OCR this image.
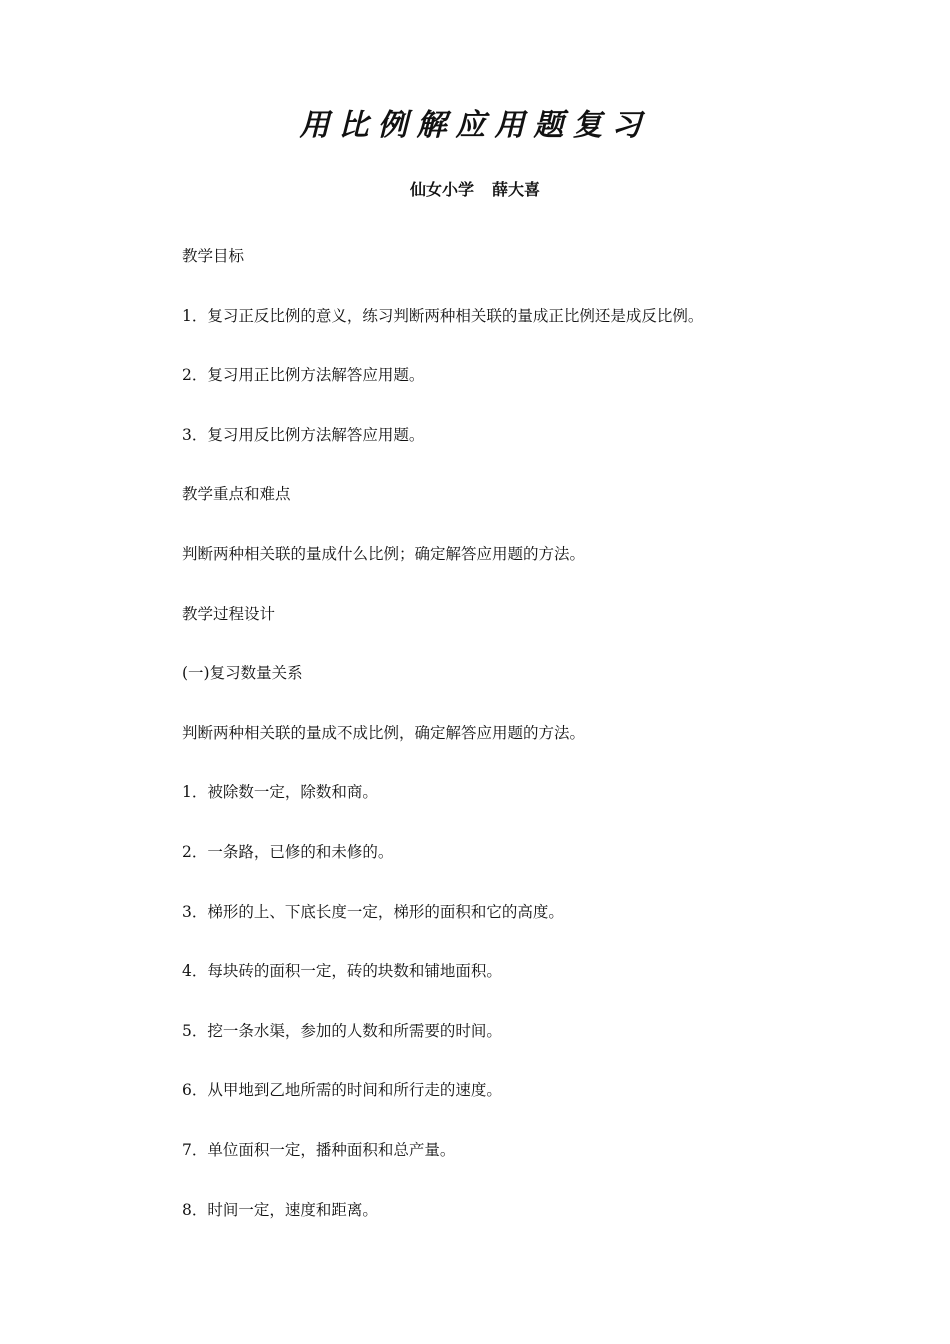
用比例解应用题复习
仙女小学 薛大喜
教学目标
1．复习正反比例的意义，练习判断两种相关联的量成正比例还是成反比例。
2．复习用正比例方法解答应用题。
3．复习用反比例方法解答应用题。
教学重点和难点
判断两种相关联的量成什么比例；确定解答应用题的方法。
教学过程设计
(一)复习数量关系
判断两种相关联的量成不成比例，确定解答应用题的方法。
1．被除数一定，除数和商。
2．一条路，已修的和未修的。
3．梯形的上、下底长度一定，梯形的面积和它的高度。
4．每块砖的面积一定，砖的块数和铺地面积。
5．挖一条水渠，参加的人数和所需要的时间。
6．从甲地到乙地所需的时间和所行走的速度。
7．单位面积一定，播种面积和总产量。
8．时间一定，速度和距离。
